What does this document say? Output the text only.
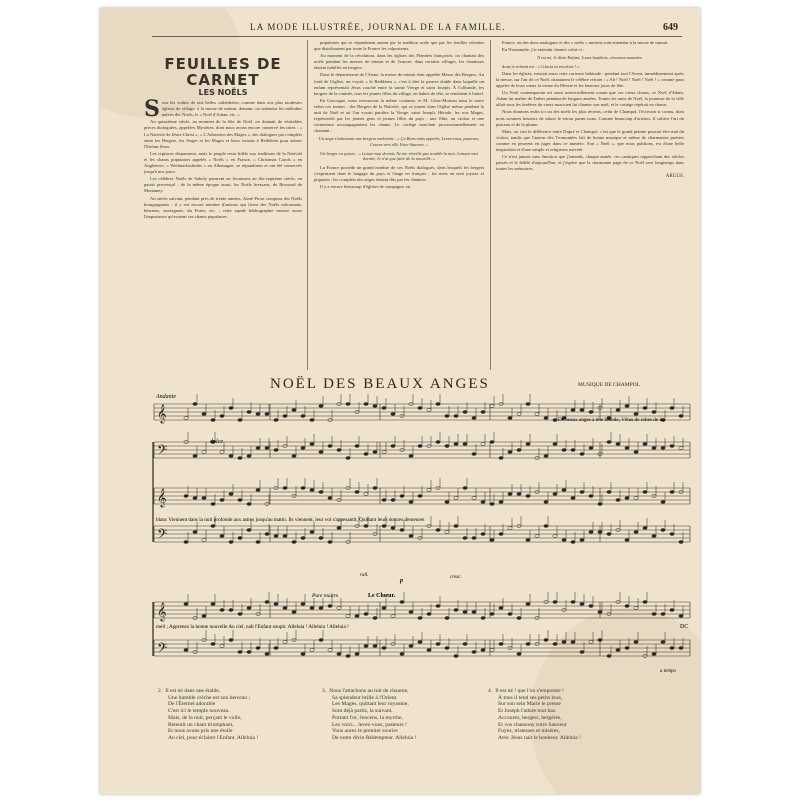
LA MODE ILLUSTRÉE, JOURNAL DE LA FAMILLE.	649
FEUILLES DE CARNET
LES NOËLS

Sous les voûtes de nos belles cathédrales, comme dans nos plus modestes églises de village, à la messe de minuit, demain, on entendra les mélodies naïves des Noëls, le « Noël d'Adam, etc. »

Au quinzième siècle, au moment de la fête de Noël, on donnait de véritables pièces dialoguées, appelées Mystères, dont nous avons encore conservé les titres : « La Nativité de Jésus-Christ », « L'Adoration des Mages », des dialogues par complets entre les Bergers, les Anges et les Mages et leurs voisins à Bethléem pour adorer l'Enfant Jésus.

Les registres disparurent, mais le peuple resta fidèle aux traditions de la Nativité et les chants populaires appelés « Noëls » en France, « Christmas Carols » en Angleterre, « Weihnachtslieder » en Allemagne, se répandirent et ont été conservés jusqu'à nos jours.

Les célèbres Noëls de Saboly parurent en livraisons au dix-septième siècle, en patois provençal ; de la même époque aussi, les Noëls bressans, de Brossard de Montaney.

Au siècle suivant, pendant près de trente années, Aimé Piron composa des Noëls bourguignons ; il y eut encore nombre d'auteurs qui firent des Noëls mâconnais, béarnais, auvergnats, du Forez, etc. ; cette rapide bibliographie montre assez l'importance qu'avaient ces chants populaires.

populaires qui se répandaient autant par la tradition orale que par les feuilles volantes que distribuaient par toute la France les colporteurs.

Au moment de la révolution, dans les églises des Flandres françaises, on chantait des noëls pendant les messes de minuit et de l'aurore, dans certains villages, les chanteurs étaient habillés en bergers.

Dans le département de l'Aisne, la messe de minuit était appelée Messe des Bergers. Au fond de l'église, on voyait « le Bethléem », c'est à dire la pauvre étable dans laquelle un enfant représentait Jésus couché entre la sainte Vierge et saint Joseph. À l'offrande, les bergers de la contrée, tous les jeunes filles du village, en habits de fête, se rendaient à l'autel.

En Gascogne, nous retrouvons la même coutume, et M. César-Moreau nous le narre selon ces termes : des Bergers de la Nativité, qui se jouent dans l'église même pendant la nuit de Noël et où l'on voyait paraître la Vierge, saint Joseph, Hérode, les rois Mages, représentés par les jeunes gens et jeunes filles du pays ; une flûte, un violon et une cornemuse accompagnaient les chants. Le cortège marchait processionnellement en chantant :

Un ange s'adressant aux bergers endormis : « Ça Bons amis appelés, Levez-vous, pasteurs, Courez vers elle Votre Sauveur. »
Un berger en patois : « Laisse-moi dormir, Ne me réveille pas trouble la nuit. Laissez-moi dormir, Je n'ai que faire de la nouvelle. »

La France possède un grand nombre de ces Noëls dialogués, dans lesquels les bergers s'expriment dans le langage du pays et l'ange en français ; les mets en sont joyeux et piquants ; les complets des anges étaient dits par les chantres.

Il y a encore beaucoup d'églises de campagne, en

France, où des dons analogues et des « noëls » anciens sont entendus à la messe de minuit.

En Normandie, j'ai entendu chanter celui-ci :

Il est né, le divin Enfant, Jouez hautbois, résonnez musettes.

dont le refrain est : « Gloria in excelsis ! »

Dans les églises, existait aussi cette curieuse habitude : pendant tout l'Avent, immédiatement après la messe, sur l'air de ce Noël, chantaient le célèbre refrain : « Ah ! Noël ! Noël ! Noël ! » comme pour appeler de leurs vœux la venue du Messie et les heureux jours de fête.

Un Noël contemporain est aussi universellement connu que ces vieux chants, ce Noël d'Adam. Adam fut maître de Tarbes pendant de longues années. Toutes les nuits de Noël, la jeunesse de la ville allait sous les fenêtres du vieux musicien lui chanter son noël, et le cortège répétait en chœur.

Nous donnons enfin ici un des noëls les plus récents, celui de Champol, l'écrivain si connu, dont nous sommes heureux de saluer le retour parmi nous. Comme beaucoup d'artistes, il cultive l'art du pinceau et de la plume.

Mais, on voit la différence entre Dupré et Champol, c'est que le grand peintre pouvait être mal du violon, tandis que l'auteur des Tromontées fait de bonne musique et même de charmantes poésies comme en peuvent en juger dans ce numéro. Son « Noël », que nous publions, est d'une belle inspiration et d'une simple et religieuse naïveté.

Ce n'est jamais sans émotion que j'entends, chaque année, ces cantiques rapprochant des siècles passés et le fidèle d'aujourd'hui, et j'espère que la charmante page de ce Noël sera longtemps dans toutes les mémoires.

ARGUS.
NOËL DES BEAUX ANGES	MUSIQUE DE CHAMPOL
𝄞
𝄢
𝄞
𝄢
𝄞
𝄢
Andante
dolce
De beaux anges à tête blonde, Vêtus de robes de lin
blanc Viennent dans la nuit profonde aux astres jusqu'au matin. Ils viennent, leur vol s'appesantit, Quittant leurs douces demeures
Pure maître.	Le Chœur.
meil ; Apprenez la bonne nouvelle Au ciel, naît l'Enfant soupir. Alleluia ! Alleluia ! Alleluia !
cresc.
rall.
p
a tempo
DC
2. Il est né dans une étable,
Une humble crèche est son berceau ;
De l'Éternel adorable
C'est ici le temple nouveau.
Mais, de la nuit, perçant le voile,
Retentit un chant triomphant,
Et nous avons pris une étoile
Au ciel, pour éclairer l'Enfant. Alleluia !
3. Nous l'attachons au toit de chaume,
Sa splendeur brille à l'Orient.
Les Mages, quittant leur royaume,
Sont déjà partis, la suivant.
Portant l'or, l'encens, la myrrhe,
Les voici... levez-vous, pasteurs !
Vous aurez le premier sourire
De notre divin Rédempteur. Alleluia !
4. Il est né ! que l'on s'empresse !
À tous il tend ses petits bras,
Sur son sein Marie le presse
Et Joseph l'adore tout bas.
Accourez, bergers, bergères,
Et vos chansons votre Sauveur
Fuyez, tristesses et misères,
Avec Jésus naît le bonheur. Alleluia !
